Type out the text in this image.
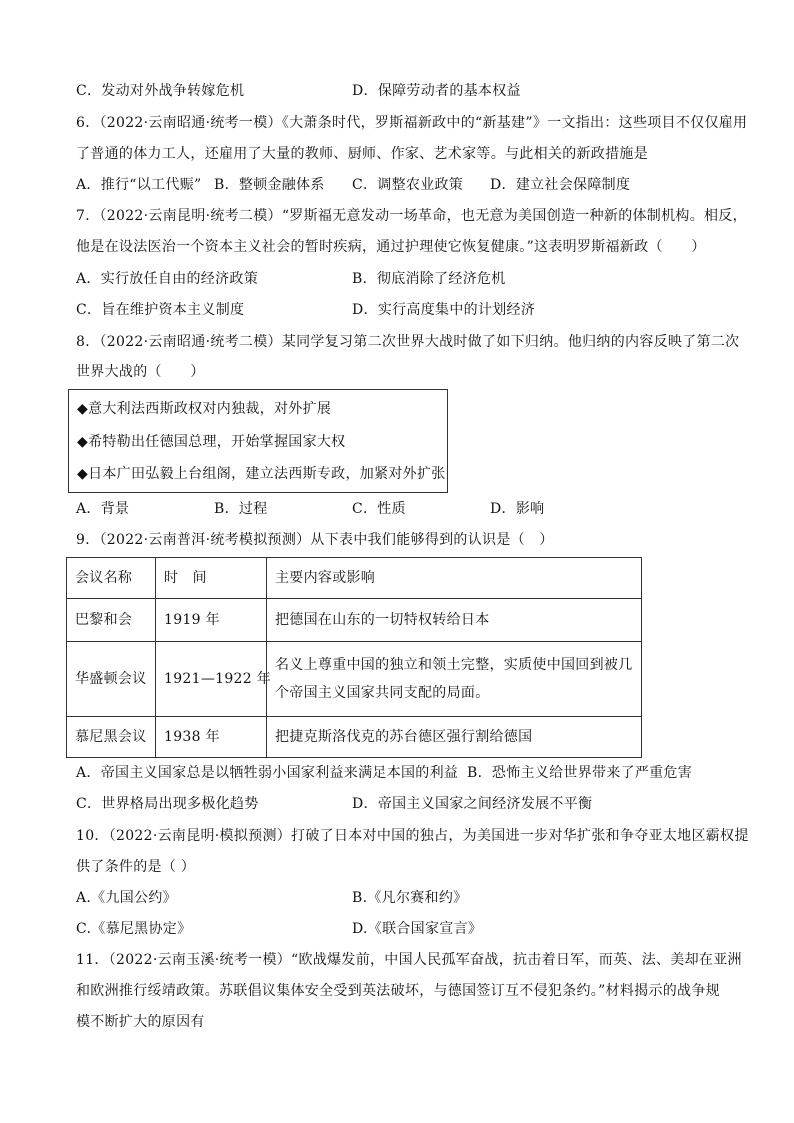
C．发动对外战争转嫁危机	D．保障劳动者的基本权益
6．（2022·云南昭通·统考一模）《大萧条时代，罗斯福新政中的“新基建”》一文指出：这些项目不仅仅雇用
了普通的体力工人，还雇用了大量的教师、厨师、作家、艺术家等。与此相关的新政措施是
A．推行“以工代赈” B．整顿金融体系 C．调整农业政策 D．建立社会保障制度
7．（2022·云南昆明·统考二模）“罗斯福无意发动一场革命，也无意为美国创造一种新的体制机构。相反，
他是在设法医治一个资本主义社会的暂时疾病，通过护理使它恢复健康。”这表明罗斯福新政（　　）
A．实行放任自由的经济政策	B．彻底消除了经济危机
C．旨在维护资本主义制度	D．实行高度集中的计划经济
8．（2022·云南昭通·统考二模）某同学复习第二次世界大战时做了如下归纳。他归纳的内容反映了第二次
世界大战的（　　）
◆意大利法西斯政权对内独裁，对外扩展
◆希特勒出任德国总理，开始掌握国家大权
◆日本广田弘毅上台组阁，建立法西斯专政，加紧对外扩张
A．背景	B．过程	C．性质	D．影响
9．（2022·云南普洱·统考模拟预测）从下表中我们能够得到的认识是（　）
会议名称	时　间	主要内容或影响
巴黎和会	1919 年	把德国在山东的一切特权转给日本
华盛顿会议	1921—1922 年	名义上尊重中国的独立和领土完整，实质使中国回到被几个帝国主义国家共同支配的局面。
慕尼黑会议	1938 年	把捷克斯洛伐克的苏台德区强行割给德国
A．帝国主义国家总是以牺牲弱小国家利益来满足本国的利益 B．恐怖主义给世界带来了严重危害
C．世界格局出现多极化趋势	D．帝国主义国家之间经济发展不平衡
10．（2022·云南昆明·模拟预测）打破了日本对中国的独占，为美国进一步对华扩张和争夺亚太地区霸权提
供了条件的是（ ）
A.《九国公约》	B.《凡尔赛和约》
C.《慕尼黑协定》	D.《联合国家宣言》
11．（2022·云南玉溪·统考一模）“欧战爆发前，中国人民孤军奋战，抗击着日军，而英、法、美却在亚洲
和欧洲推行绥靖政策。苏联倡议集体安全受到英法破坏，与德国签订互不侵犯条约。”材料揭示的战争规
模不断扩大的原因有
